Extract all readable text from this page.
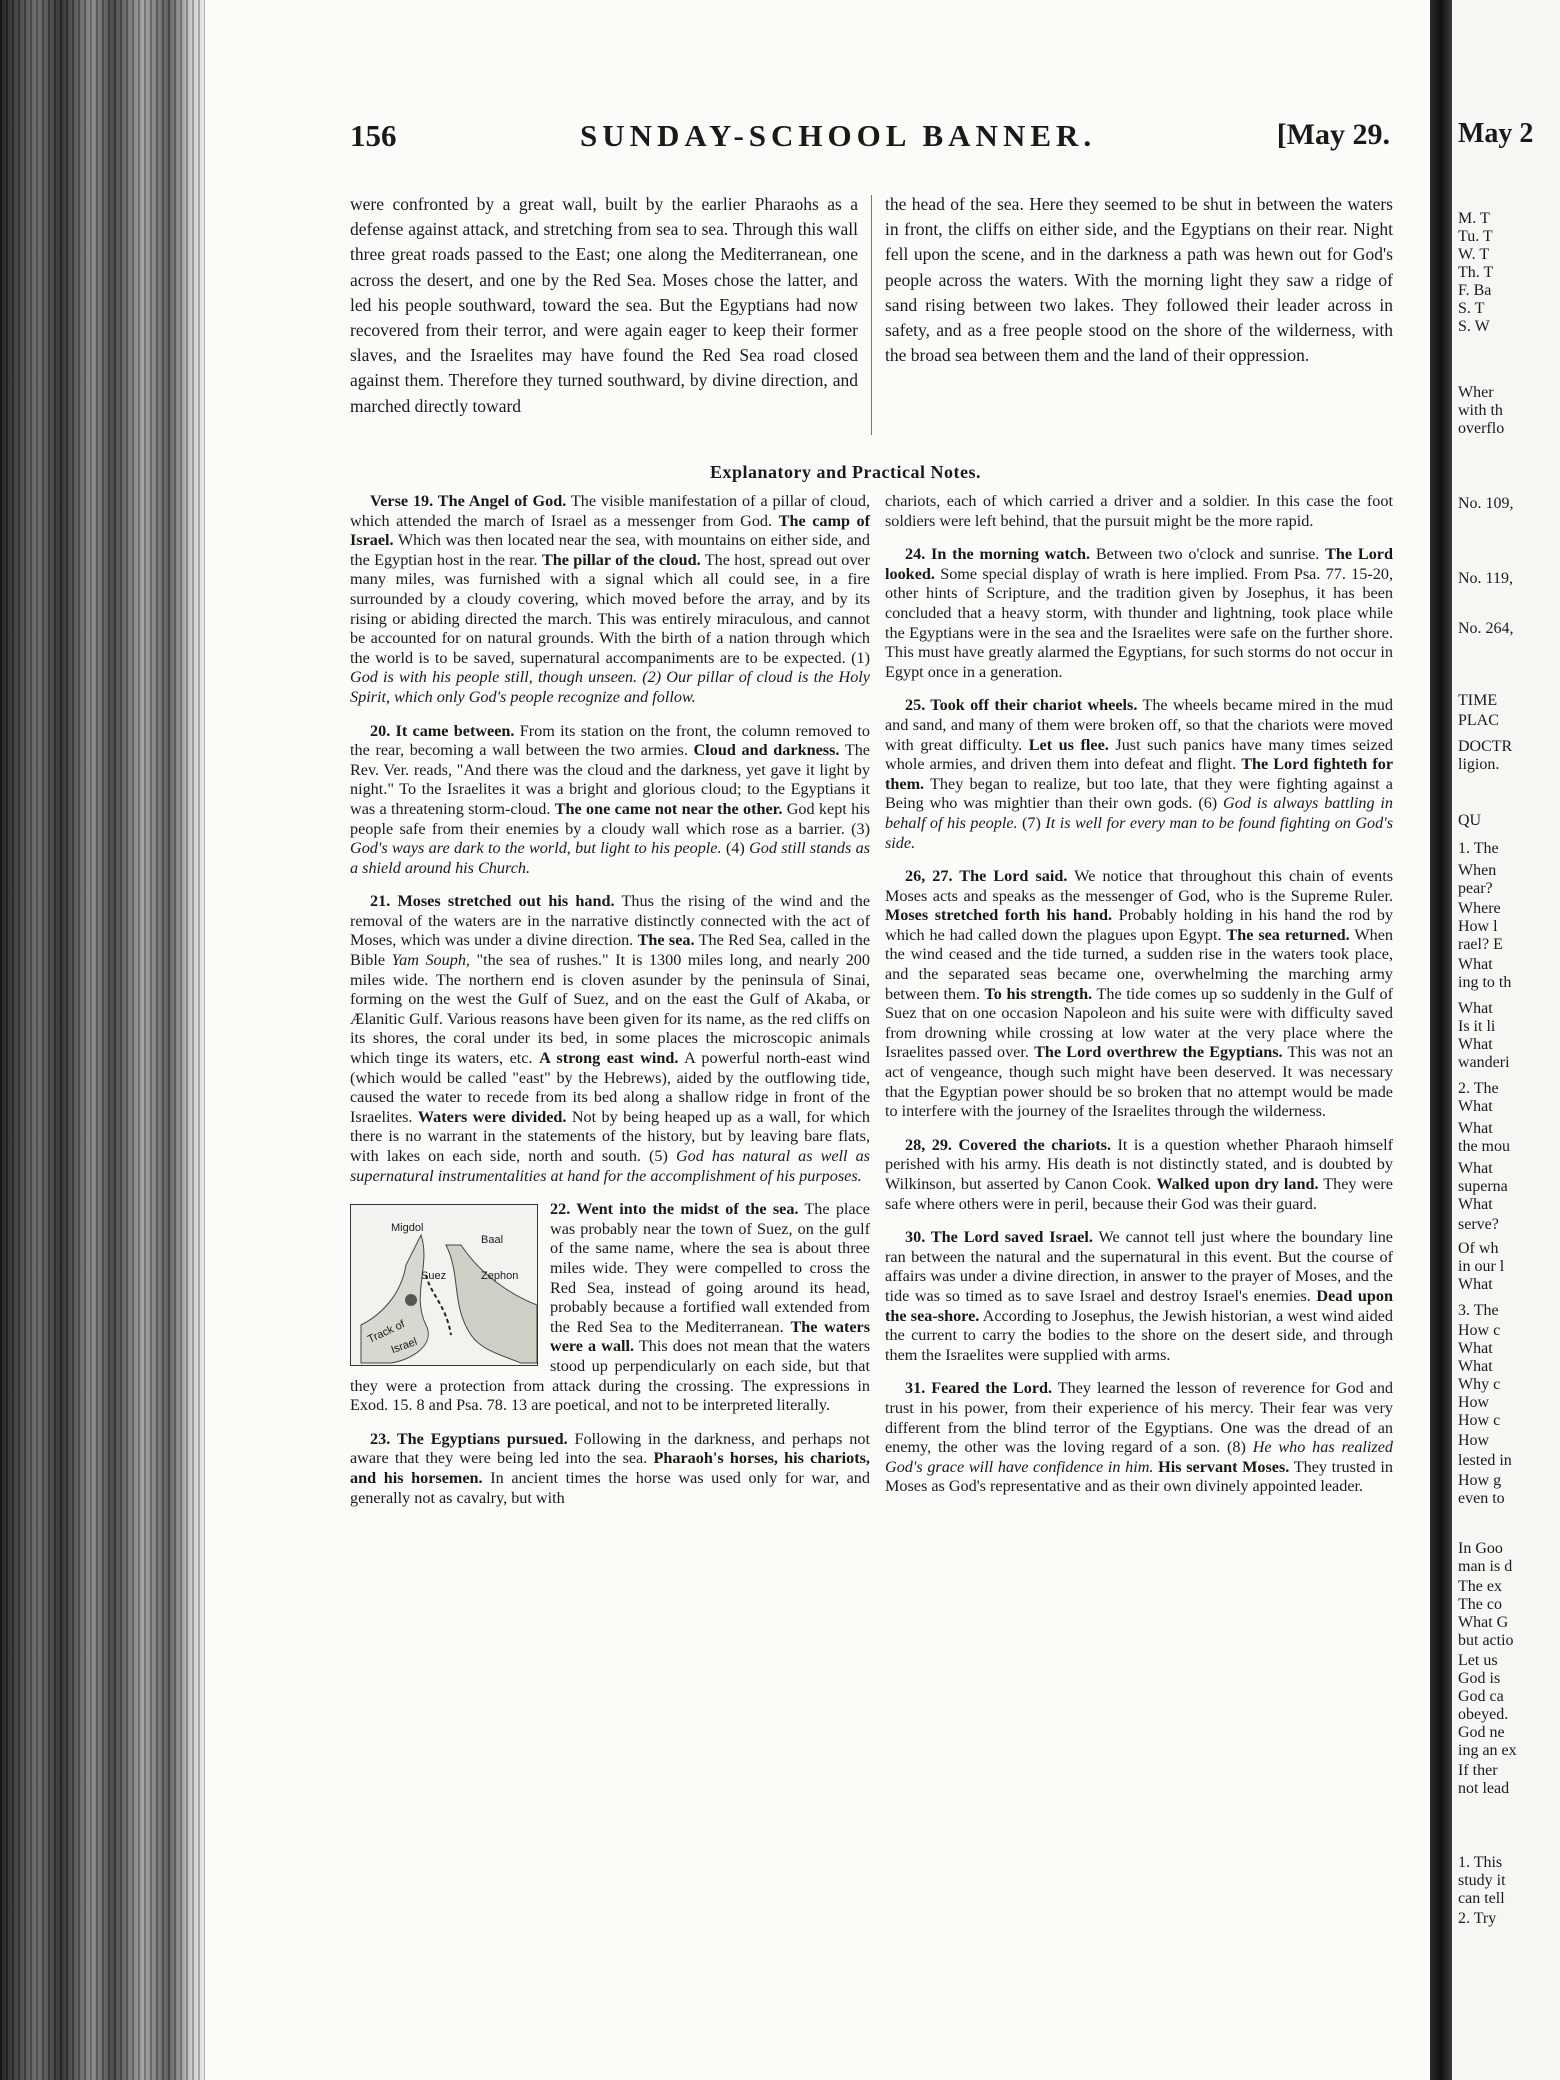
156	SUNDAY-SCHOOL BANNER.	[May 29.

were confronted by a great wall, built by the earlier Pharaohs as a defense against attack, and stretching from sea to sea. Through this wall three great roads passed to the East; one along the Mediterranean, one across the desert, and one by the Red Sea. Moses chose the latter, and led his people southward, toward the sea. But the Egyptians had now recovered from their terror, and were again eager to keep their former slaves, and the Israelites may have found the Red Sea road closed against them. Therefore they turned southward, by divine direction, and marched directly toward

the head of the sea. Here they seemed to be shut in between the waters in front, the cliffs on either side, and the Egyptians on their rear. Night fell upon the scene, and in the darkness a path was hewn out for God's people across the waters. With the morning light they saw a ridge of sand rising between two lakes. They followed their leader across in safety, and as a free people stood on the shore of the wilderness, with the broad sea between them and the land of their oppression.

Explanatory and Practical Notes.

Verse 19. The Angel of God. The visible manifestation of a pillar of cloud, which attended the march of Israel as a messenger from God. The camp of Israel. Which was then located near the sea, with mountains on either side, and the Egyptian host in the rear. The pillar of the cloud. The host, spread out over many miles, was furnished with a signal which all could see, in a fire surrounded by a cloudy covering, which moved before the array, and by its rising or abiding directed the march. This was entirely miraculous, and cannot be accounted for on natural grounds. With the birth of a nation through which the world is to be saved, supernatural accompaniments are to be expected. (1) God is with his people still, though unseen. (2) Our pillar of cloud is the Holy Spirit, which only God's people recognize and follow.

20. It came between. From its station on the front, the column removed to the rear, becoming a wall between the two armies. Cloud and darkness. The Rev. Ver. reads, "And there was the cloud and the darkness, yet gave it light by night." To the Israelites it was a bright and glorious cloud; to the Egyptians it was a threatening storm-cloud. The one came not near the other. God kept his people safe from their enemies by a cloudy wall which rose as a barrier. (3) God's ways are dark to the world, but light to his people. (4) God still stands as a shield around his Church.

21. Moses stretched out his hand. Thus the rising of the wind and the removal of the waters are in the narrative distinctly connected with the act of Moses, which was under a divine direction. The sea. The Red Sea, called in the Bible Yam Souph, "the sea of rushes." It is 1300 miles long, and nearly 200 miles wide. The northern end is cloven asunder by the peninsula of Sinai, forming on the west the Gulf of Suez, and on the east the Gulf of Akaba, or Ælanitic Gulf. Various reasons have been given for its name, as the red cliffs on its shores, the coral under its bed, in some places the microscopic animals which tinge its waters, etc. A strong east wind. A powerful north-east wind (which would be called "east" by the Hebrews), aided by the outflowing tide, caused the water to recede from its bed along a shallow ridge in front of the Israelites. Waters were divided. Not by being heaped up as a wall, for which there is no warrant in the statements of the history, but by leaving bare flats, with lakes on each side, north and south. (5) God has natural as well as supernatural instrumentalities at hand for the accomplishment of his purposes.

Migdol
Baal
Suez	Zephon
Track of
Israel
22. Went into the midst of the sea. The place was probably near the town of Suez, on the gulf of the same name, where the sea is about three miles wide. They were compelled to cross the Red Sea, instead of going around its head, probably because a fortified wall extended from the Red Sea to the Mediterranean. The waters were a wall. This does not mean that the waters stood up perpendicularly on each side, but that they were a protection from attack during the crossing. The expressions in Exod. 15. 8 and Psa. 78. 13 are poetical, and not to be interpreted literally.

23. The Egyptians pursued. Following in the darkness, and perhaps not aware that they were being led into the sea. Pharaoh's horses, his chariots, and his horsemen. In ancient times the horse was used only for war, and generally not as cavalry, but with

chariots, each of which carried a driver and a soldier. In this case the foot soldiers were left behind, that the pursuit might be the more rapid.

24. In the morning watch. Between two o'clock and sunrise. The Lord looked. Some special display of wrath is here implied. From Psa. 77. 15-20, other hints of Scripture, and the tradition given by Josephus, it has been concluded that a heavy storm, with thunder and lightning, took place while the Egyptians were in the sea and the Israelites were safe on the further shore. This must have greatly alarmed the Egyptians, for such storms do not occur in Egypt once in a generation.

25. Took off their chariot wheels. The wheels became mired in the mud and sand, and many of them were broken off, so that the chariots were moved with great difficulty. Let us flee. Just such panics have many times seized whole armies, and driven them into defeat and flight. The Lord fighteth for them. They began to realize, but too late, that they were fighting against a Being who was mightier than their own gods. (6) God is always battling in behalf of his people. (7) It is well for every man to be found fighting on God's side.

26, 27. The Lord said. We notice that throughout this chain of events Moses acts and speaks as the messenger of God, who is the Supreme Ruler. Moses stretched forth his hand. Probably holding in his hand the rod by which he had called down the plagues upon Egypt. The sea returned. When the wind ceased and the tide turned, a sudden rise in the waters took place, and the separated seas became one, overwhelming the marching army between them. To his strength. The tide comes up so suddenly in the Gulf of Suez that on one occasion Napoleon and his suite were with difficulty saved from drowning while crossing at low water at the very place where the Israelites passed over. The Lord overthrew the Egyptians. This was not an act of vengeance, though such might have been deserved. It was necessary that the Egyptian power should be so broken that no attempt would be made to interfere with the journey of the Israelites through the wilderness.

28, 29. Covered the chariots. It is a question whether Pharaoh himself perished with his army. His death is not distinctly stated, and is doubted by Wilkinson, but asserted by Canon Cook. Walked upon dry land. They were safe where others were in peril, because their God was their guard.

30. The Lord saved Israel. We cannot tell just where the boundary line ran between the natural and the supernatural in this event. But the course of affairs was under a divine direction, in answer to the prayer of Moses, and the tide was so timed as to save Israel and destroy Israel's enemies. Dead upon the sea-shore. According to Josephus, the Jewish historian, a west wind aided the current to carry the bodies to the shore on the desert side, and through them the Israelites were supplied with arms.

31. Feared the Lord. They learned the lesson of reverence for God and trust in his power, from their experience of his mercy. Their fear was very different from the blind terror of the Egyptians. One was the dread of an enemy, the other was the loving regard of a son. (8) He who has realized God's grace will have confidence in him. His servant Moses. They trusted in Moses as God's representative and as their own divinely appointed leader.

May 2
M. T
Tu. T
W. T
Th. T
F. Ba
S. T
S. W
Wher
with th
overflo
No. 109,
No. 119,
No. 264,
TIME
PLAC
DOCTR
ligion.
QU
1. The
When
pear?
Where
How l
rael? E
What
ing to th
What
Is it li
What
wanderi
2. The
What
What
the mou
What
superna
What
serve?
Of wh
in our l
What
3. The
How c
What
What
Why c
How
How c
How
lested in
How g
even to
In Goo
man is d
The ex
The co
What G
but actio
Let us
God is
God ca
obeyed.
God ne
ing an ex
If ther
not lead
1. This
study it
can tell
2. Try
